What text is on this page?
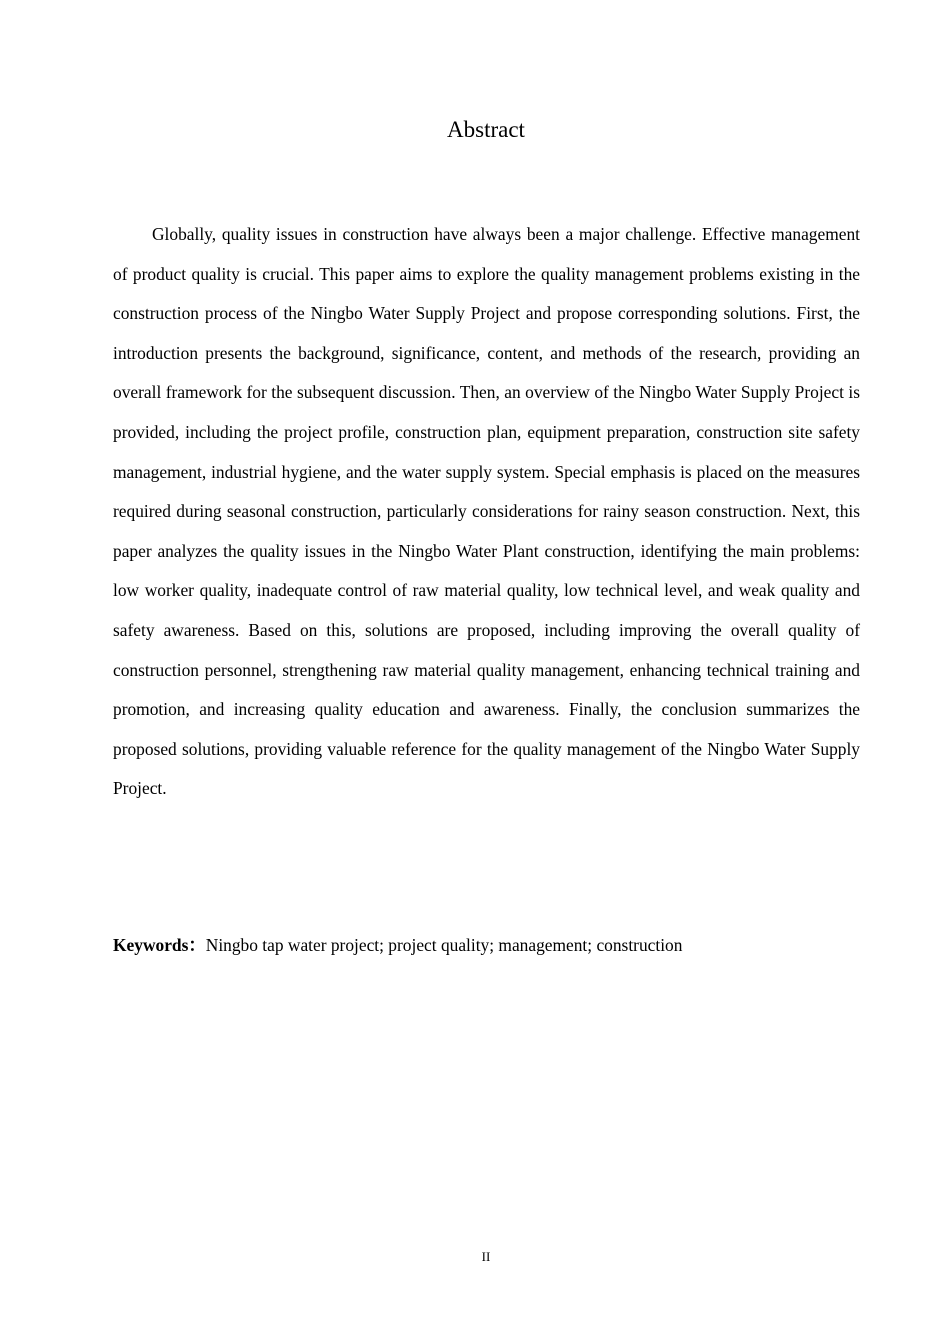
Abstract

Globally, quality issues in construction have always been a major challenge. Effective management of product quality is crucial. This paper aims to explore the quality management problems existing in the construction process of the Ningbo Water Supply Project and propose corresponding solutions. First, the introduction presents the background, significance, content, and methods of the research, providing an overall framework for the subsequent discussion. Then, an overview of the Ningbo Water Supply Project is provided, including the project profile, construction plan, equipment preparation, construction site safety management, industrial hygiene, and the water supply system. Special emphasis is placed on the measures required during seasonal construction, particularly considerations for rainy season construction. Next, this paper analyzes the quality issues in the Ningbo Water Plant construction, identifying the main problems: low worker quality, inadequate control of raw material quality, low technical level, and weak quality and safety awareness. Based on this, solutions are proposed, including improving the overall quality of construction personnel, strengthening raw material quality management, enhancing technical training and promotion, and increasing quality education and awareness. Finally, the conclusion summarizes the proposed solutions, providing valuable reference for the quality management of the Ningbo Water Supply Project.

Keywords：Ningbo tap water project; project quality; management; construction

II
